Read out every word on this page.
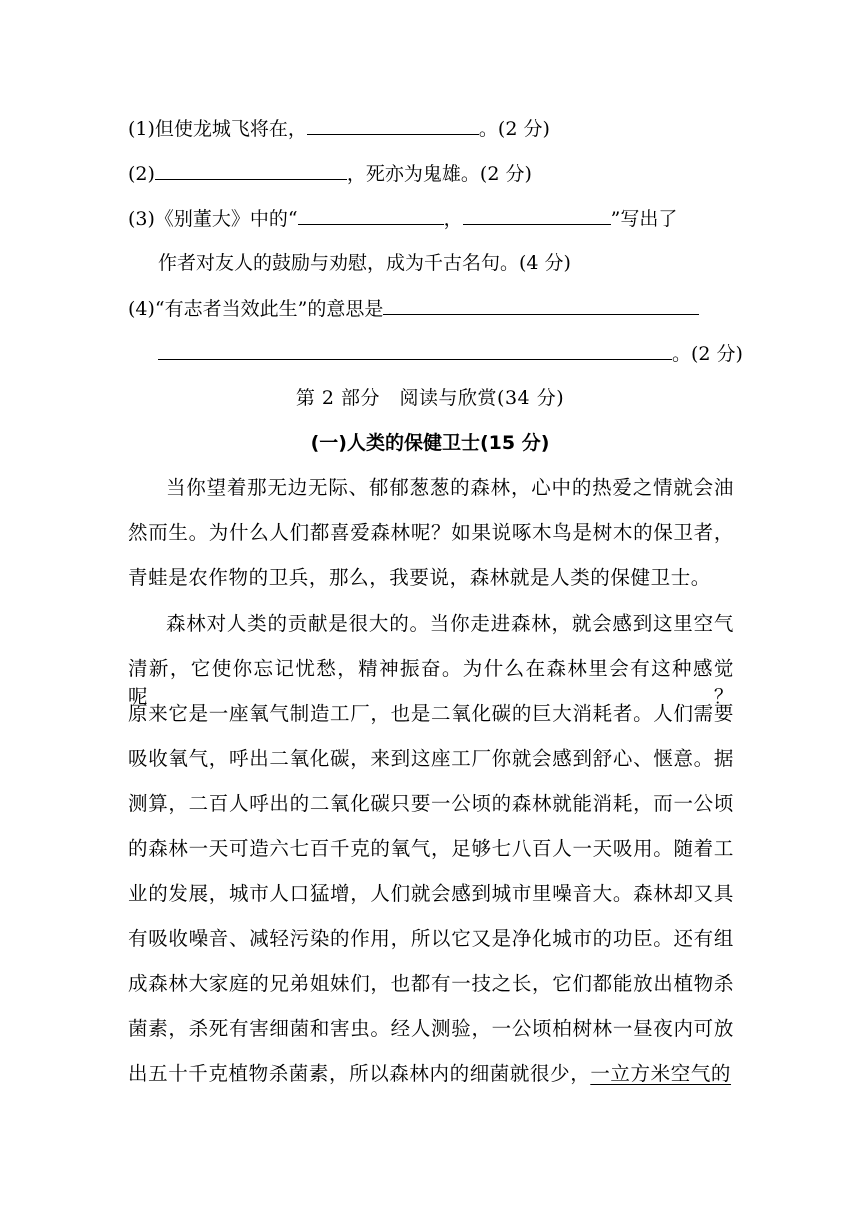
(1)但使龙城飞将在，	。(2 分)
(2)	，死亦为鬼雄。(2 分)
(3)《别董大》中的“	，	”写出了
作者对友人的鼓励与劝慰，成为千古名句。(4 分)
(4)“有志者当效此生”的意思是
。(2 分)
第 2 部分　阅读与欣赏(34 分)
(一)人类的保健卫士(15 分)
当你望着那无边无际、郁郁葱葱的森林，心中的热爱之情就会油
然而生。为什么人们都喜爱森林呢？如果说啄木鸟是树木的保卫者，
青蛙是农作物的卫兵，那么，我要说，森林就是人类的保健卫士。
森林对人类的贡献是很大的。当你走进森林，就会感到这里空气
清新，它使你忘记忧愁，精神振奋。为什么在森林里会有这种感觉呢？
原来它是一座氧气制造工厂，也是二氧化碳的巨大消耗者。人们需要
吸收氧气，呼出二氧化碳，来到这座工厂你就会感到舒心、惬意。据
测算，二百人呼出的二氧化碳只要一公顷的森林就能消耗，而一公顷
的森林一天可造六七百千克的氧气，足够七八百人一天吸用。随着工
业的发展，城市人口猛增，人们就会感到城市里噪音大。森林却又具
有吸收噪音、减轻污染的作用，所以它又是净化城市的功臣。还有组
成森林大家庭的兄弟姐妹们，也都有一技之长，它们都能放出植物杀
菌素，杀死有害细菌和害虫。经人测验，一公顷柏树林一昼夜内可放
出五十千克植物杀菌素，所以森林内的细菌就很少，一立方米空气的
